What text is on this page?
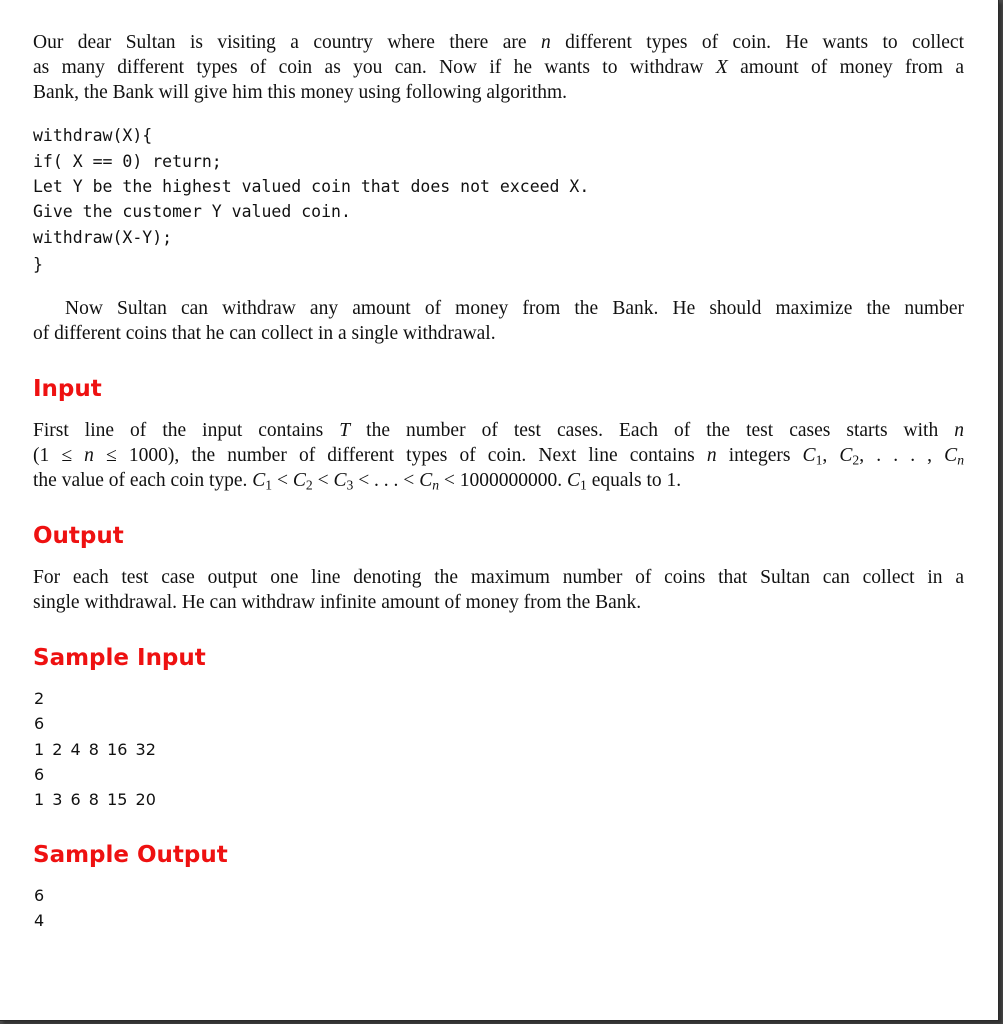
Our dear Sultan is visiting a country where there are n different types of coin. He wants to collect
as many different types of coin as you can. Now if he wants to withdraw X amount of money from a
Bank, the Bank will give him this money using following algorithm.
withdraw(X){
if( X == 0) return;
Let Y be the highest valued coin that does not exceed X.
Give the customer Y valued coin.
withdraw(X-Y);
}
Now Sultan can withdraw any amount of money from the Bank. He should maximize the number
of different coins that he can collect in a single withdrawal.
Input
First line of the input contains T the number of test cases. Each of the test cases starts with n
(1 ≤ n ≤ 1000), the number of different types of coin. Next line contains n integers $C_1$, $C_2$, . . . , $C_n$
the value of each coin type. $C_1 < C_2 < C_3$ < . . . < $C_n < 1000000000$. $C_1$ equals to 1.
Output
For each test case output one line denoting the maximum number of coins that Sultan can collect in a
single withdrawal. He can withdraw infinite amount of money from the Bank.
Sample Input
2
6
1 2 4 8 16 32
6
1 3 6 8 15 20
Sample Output
6
4
